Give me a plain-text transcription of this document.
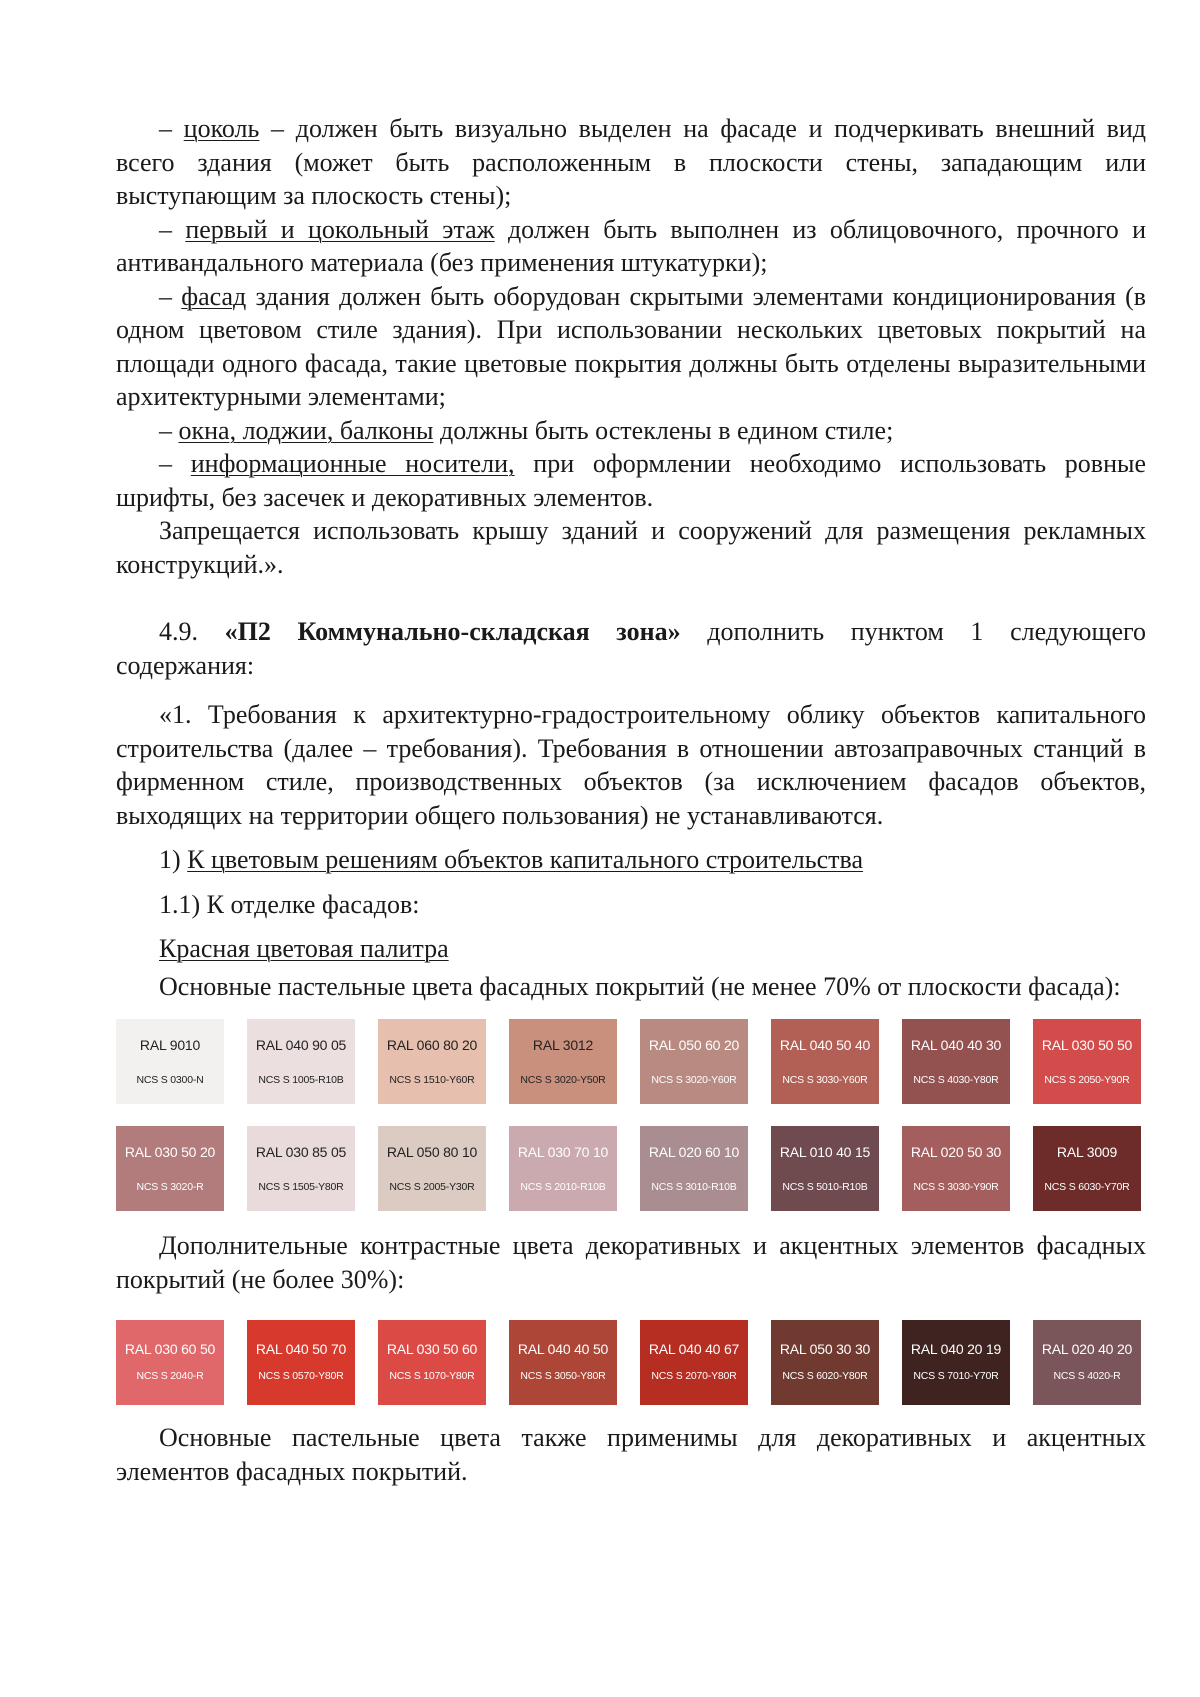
– цоколь – должен быть визуально выделен на фасаде и подчеркивать внешний вид всего здания (может быть расположенным в плоскости стены, западающим или выступающим за плоскость стены);

– первый и цокольный этаж должен быть выполнен из облицовочного, прочного и антивандального материала (без применения штукатурки);

– фасад здания должен быть оборудован скрытыми элементами кондиционирования (в одном цветовом стиле здания). При использовании нескольких цветовых покрытий на площади одного фасада, такие цветовые покрытия должны быть отделены выразительными архитектурными элементами;

– окна, лоджии, балконы должны быть остеклены в едином стиле;

– информационные носители, при оформлении необходимо использовать ровные шрифты, без засечек и декоративных элементов.

Запрещается использовать крышу зданий и сооружений для размещения рекламных конструкций.».

4.9. «П2 Коммунально-складская зона» дополнить пунктом 1 следующего содержания:

«1. Требования к архитектурно-градостроительному облику объектов капитального строительства (далее – требования). Требования в отношении автозаправочных станций в фирменном стиле, производственных объектов (за исключением фасадов объектов, выходящих на территории общего пользования) не устанавливаются.

1) К цветовым решениям объектов капитального строительства

1.1) К отделке фасадов:

Красная цветовая палитра

Основные пастельные цвета фасадных покрытий (не менее 70% от плоскости фасада):

RAL 9010
NCS S 0300-N
RAL 040 90 05
NCS S 1005-R10B
RAL 060 80 20
NCS S 1510-Y60R
RAL 3012
NCS S 3020-Y50R
RAL 050 60 20
NCS S 3020-Y60R
RAL 040 50 40
NCS S 3030-Y60R
RAL 040 40 30
NCS S 4030-Y80R
RAL 030 50 50
NCS S 2050-Y90R
RAL 030 50 20
NCS S 3020-R
RAL 030 85 05
NCS S 1505-Y80R
RAL 050 80 10
NCS S 2005-Y30R
RAL 030 70 10
NCS S 2010-R10B
RAL 020 60 10
NCS S 3010-R10B
RAL 010 40 15
NCS S 5010-R10B
RAL 020 50 30
NCS S 3030-Y90R
RAL 3009
NCS S 6030-Y70R

Дополнительные контрастные цвета декоративных и акцентных элементов фасадных покрытий (не более 30%):

RAL 030 60 50
NCS S 2040-R
RAL 040 50 70
NCS S 0570-Y80R
RAL 030 50 60
NCS S 1070-Y80R
RAL 040 40 50
NCS S 3050-Y80R
RAL 040 40 67
NCS S 2070-Y80R
RAL 050 30 30
NCS S 6020-Y80R
RAL 040 20 19
NCS S 7010-Y70R
RAL 020 40 20
NCS S 4020-R

Основные пастельные цвета также применимы для декоративных и акцентных элементов фасадных покрытий.
